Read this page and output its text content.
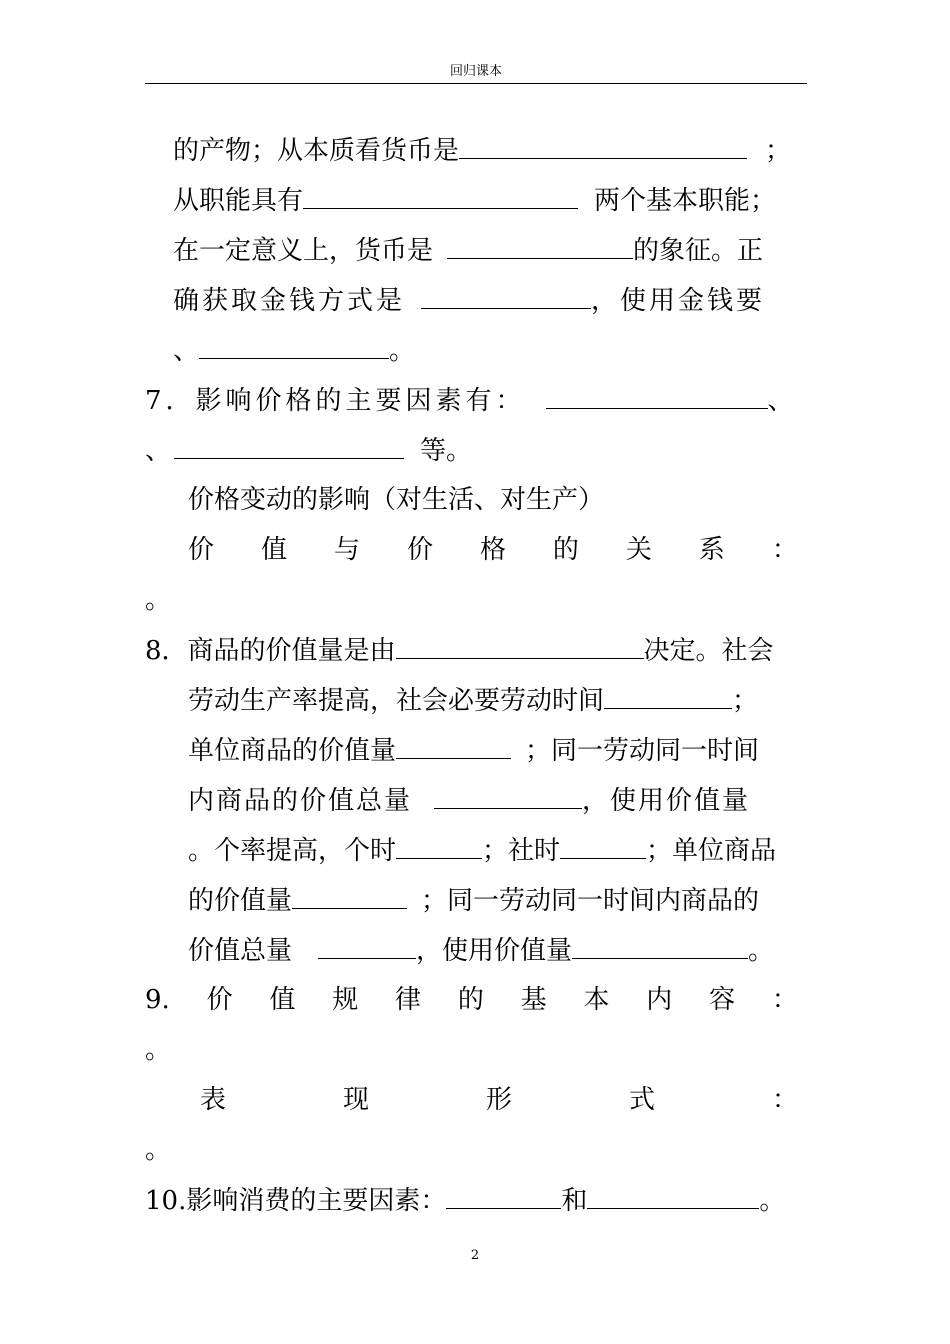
回归课本
的产物；从本质看货币是	；
从职能具有	两个基本职能；
在一定意义上，货币是	的象征。正
确获取金钱方式是	，使用金钱要
、	。
7．影响价格的主要因素有：	、
、	等。
价格变动的影响（对生活、对生产）
价 值 与 价 格 的 关 系 ：
。
8．商品的价值量是由	决定。社会
劳动生产率提高，社会必要劳动时间	；
单位商品的价值量	；同一劳动同一时间
内商品的价值总量	，使用价值量
。个率提高，个时	；社时	；单位商品
的价值量	；同一劳动同一时间内商品的
价值总量	，使用价值量	。
9. 价 值 规 律 的 基 本 内 容 ：
。
表	现	形	式	：
。
10.影响消费的主要因素：	和	。
2
